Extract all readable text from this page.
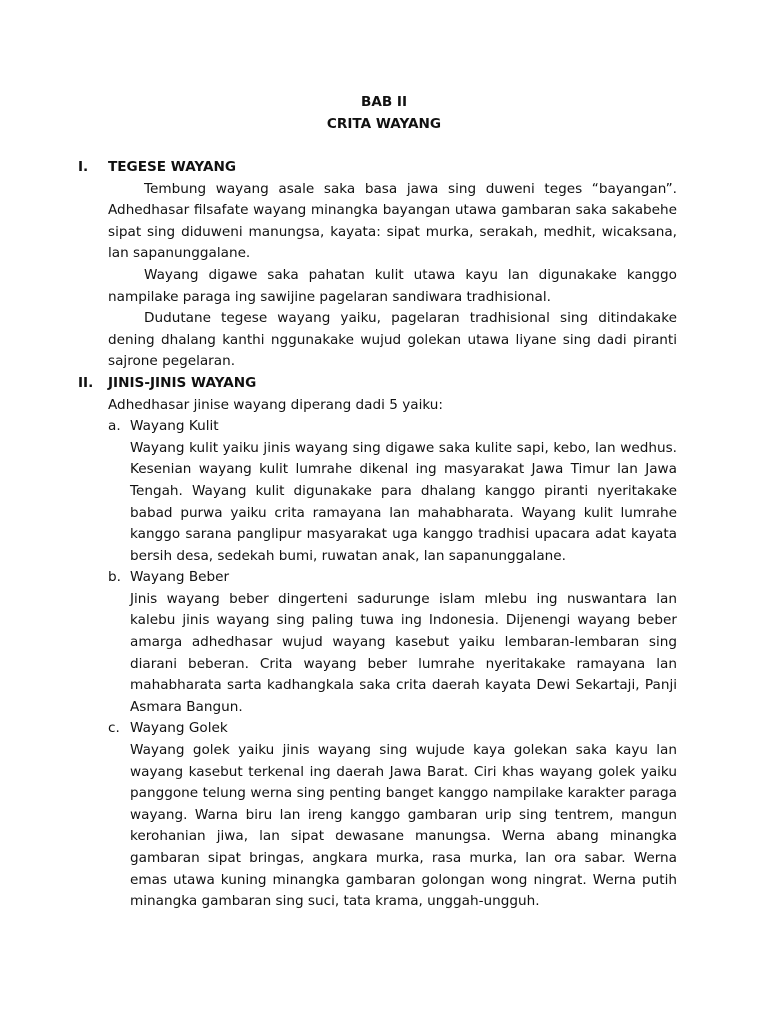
BAB II
CRITA WAYANG
I. TEGESE WAYANG

Tembung wayang asale saka basa jawa sing duweni teges “bayangan”. Adhedhasar filsafate wayang minangka bayangan utawa gambaran saka sakabehe sipat sing diduweni manungsa, kayata: sipat murka, serakah, medhit, wicaksana, lan sapanunggalane.

Wayang digawe saka pahatan kulit utawa kayu lan digunakake kanggo nampilake paraga ing sawijine pagelaran sandiwara tradhisional.

Dudutane tegese wayang yaiku, pagelaran tradhisional sing ditindakake dening dhalang kanthi nggunakake wujud golekan utawa liyane sing dadi piranti sajrone pegelaran.

II. JINIS-JINIS WAYANG

Adhedhasar jinise wayang diperang dadi 5 yaiku:

a. Wayang Kulit

Wayang kulit yaiku jinis wayang sing digawe saka kulite sapi, kebo, lan wedhus. Kesenian wayang kulit lumrahe dikenal ing masyarakat Jawa Timur lan Jawa Tengah. Wayang kulit digunakake para dhalang kanggo piranti nyeritakake babad purwa yaiku crita ramayana lan mahabharata. Wayang kulit lumrahe kanggo sarana panglipur masyarakat uga kanggo tradhisi upacara adat kayata bersih desa, sedekah bumi, ruwatan anak, lan sapanunggalane.

b. Wayang Beber

Jinis wayang beber dingerteni sadurunge islam mlebu ing nuswantara lan kalebu jinis wayang sing paling tuwa ing Indonesia. Dijenengi wayang beber amarga adhedhasar wujud wayang kasebut yaiku lembaran-lembaran sing diarani beberan. Crita wayang beber lumrahe nyeritakake ramayana lan mahabharata sarta kadhangkala saka crita daerah kayata Dewi Sekartaji, Panji Asmara Bangun.

c. Wayang Golek

Wayang golek yaiku jinis wayang sing wujude kaya golekan saka kayu lan wayang kasebut terkenal ing daerah Jawa Barat. Ciri khas wayang golek yaiku panggone telung werna sing penting banget kanggo nampilake karakter paraga wayang. Warna biru lan ireng kanggo gambaran urip sing tentrem, mangun kerohanian jiwa, lan sipat dewasane manungsa. Werna abang minangka gambaran sipat bringas, angkara murka, rasa murka, lan ora sabar. Werna emas utawa kuning minangka gambaran golongan wong ningrat. Werna putih minangka gambaran sing suci, tata krama, unggah-ungguh.
